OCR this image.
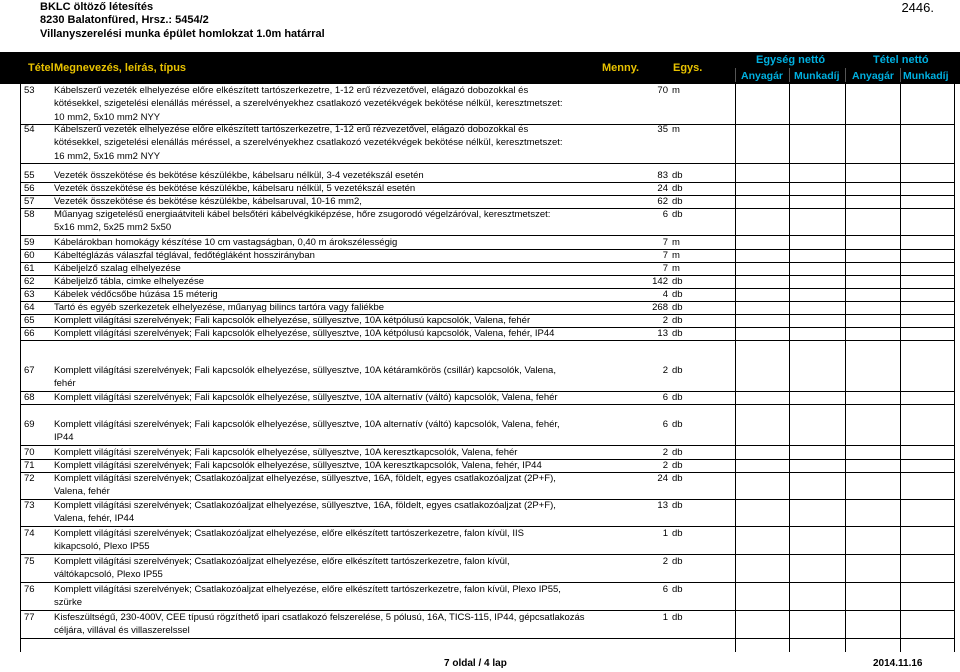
BKLC öltöző létesítés
8230 Balatonfüred, Hrsz.: 5454/2
Villanyszerelési munka épület homlokzat 1.0m határral
2446.
Tétel Megnevezés, leírás, típus	Menny.	Egys.
Egység nettó	Tétel nettó
Anyagár Munkadíj Anyagár Munkadíj
53	Kábelszerű vezeték elhelyezése előre elkészített tartószerkezetre, 1-12 erű rézvezetővel, elágazó dobozokkal és
kötésekkel, szigetelési elenállás méréssel, a szerelvényekhez csatlakozó vezetékvégek bekötése nélkül, keresztmetszet:
10 mm2, 5x10 mm2 NYY
70 m
54	Kábelszerű vezeték elhelyezése előre elkészített tartószerkezetre, 1-12 erű rézvezetővel, elágazó dobozokkal és
kötésekkel, szigetelési elenállás méréssel, a szerelvényekhez csatlakozó vezetékvégek bekötése nélkül, keresztmetszet:
16 mm2, 5x16 mm2 NYY
35 m
55	Vezeték összekötése és bekötése készülékbe, kábelsaru nélkül, 3-4 vezetékszál esetén	83 db
56	Vezeték összekötése és bekötése készülékbe, kábelsaru nélkül, 5 vezetékszál esetén	24 db
57	Vezeték összekötése és bekötése készülékbe, kábelsaruval, 10-16 mm2,	62 db
58	Műanyag szigetelésű energiaátviteli kábel belsőtéri kábelvégkiképzése, hőre zsugorodó végelzáróval, keresztmetszet:
5x16 mm2, 5x25 mm2 5x50
6 db
59	Kábelárokban homokágy készítése 10 cm vastagságban, 0,40 m árokszélességig	7 m
60	Kábeltéglázás válaszfal téglával, fedőtégláként hosszirányban	7 m
61	Kábeljelző szalag elhelyezése	7 m
62	Kábeljelző tábla, cimke elhelyezése	142 db
63	Kábelek védőcsőbe húzása 15 méterig	4 db
64	Tartó és egyéb szerkezetek elhelyezése, műanyag bilincs tartóra vagy faliékbe	268 db
65	Komplett világítási szerelvények; Fali kapcsolók elhelyezése, süllyesztve, 10A kétpólusú kapcsolók, Valena, fehér	2 db
66	Komplett világítási szerelvények; Fali kapcsolók elhelyezése, süllyesztve, 10A kétpólusú kapcsolók, Valena, fehér, IP44	13 db
67	Komplett világítási szerelvények; Fali kapcsolók elhelyezése, süllyesztve, 10A kétáramkörös (csillár) kapcsolók, Valena,
fehér
2 db
68	Komplett világítási szerelvények; Fali kapcsolók elhelyezése, süllyesztve, 10A alternatív (váltó) kapcsolók, Valena, fehér	6 db
69	Komplett világítási szerelvények; Fali kapcsolók elhelyezése, süllyesztve, 10A alternatív (váltó) kapcsolók, Valena, fehér,
IP44
6 db
70	Komplett világítási szerelvények; Fali kapcsolók elhelyezése, süllyesztve, 10A keresztkapcsolók, Valena, fehér	2 db
71	Komplett világítási szerelvények; Fali kapcsolók elhelyezése, süllyesztve, 10A keresztkapcsolók, Valena, fehér, IP44	2 db
72	Komplett világítási szerelvények; Csatlakozóaljzat elhelyezése, süllyesztve, 16A, földelt, egyes csatlakozóaljzat (2P+F),
Valena, fehér
24 db
73	Komplett világítási szerelvények; Csatlakozóaljzat elhelyezése, süllyesztve, 16A, földelt, egyes csatlakozóaljzat (2P+F),
Valena, fehér, IP44
13 db
74	Komplett világítási szerelvények; Csatlakozóaljzat elhelyezése, előre elkészített tartószerkezetre, falon kívül, IIS
kikapcsoló, Plexo IP55
1 db
75	Komplett világítási szerelvények; Csatlakozóaljzat elhelyezése, előre elkészített tartószerkezetre, falon kívül,
váltókapcsoló, Plexo IP55
2 db
76	Komplett világítási szerelvények; Csatlakozóaljzat elhelyezése, előre elkészített tartószerkezetre, falon kívül, Plexo IP55,
szürke
6 db
77	Kisfeszültségű, 230-400V, CEE típusú rögzíthető ipari csatlakozó felszerelése, 5 pólusú, 16A, TICS-115, IP44, gépcsatlakozás
céljára, villával és villaszerelssel
1 db
7 oldal / 4 lap	2014.11.16
